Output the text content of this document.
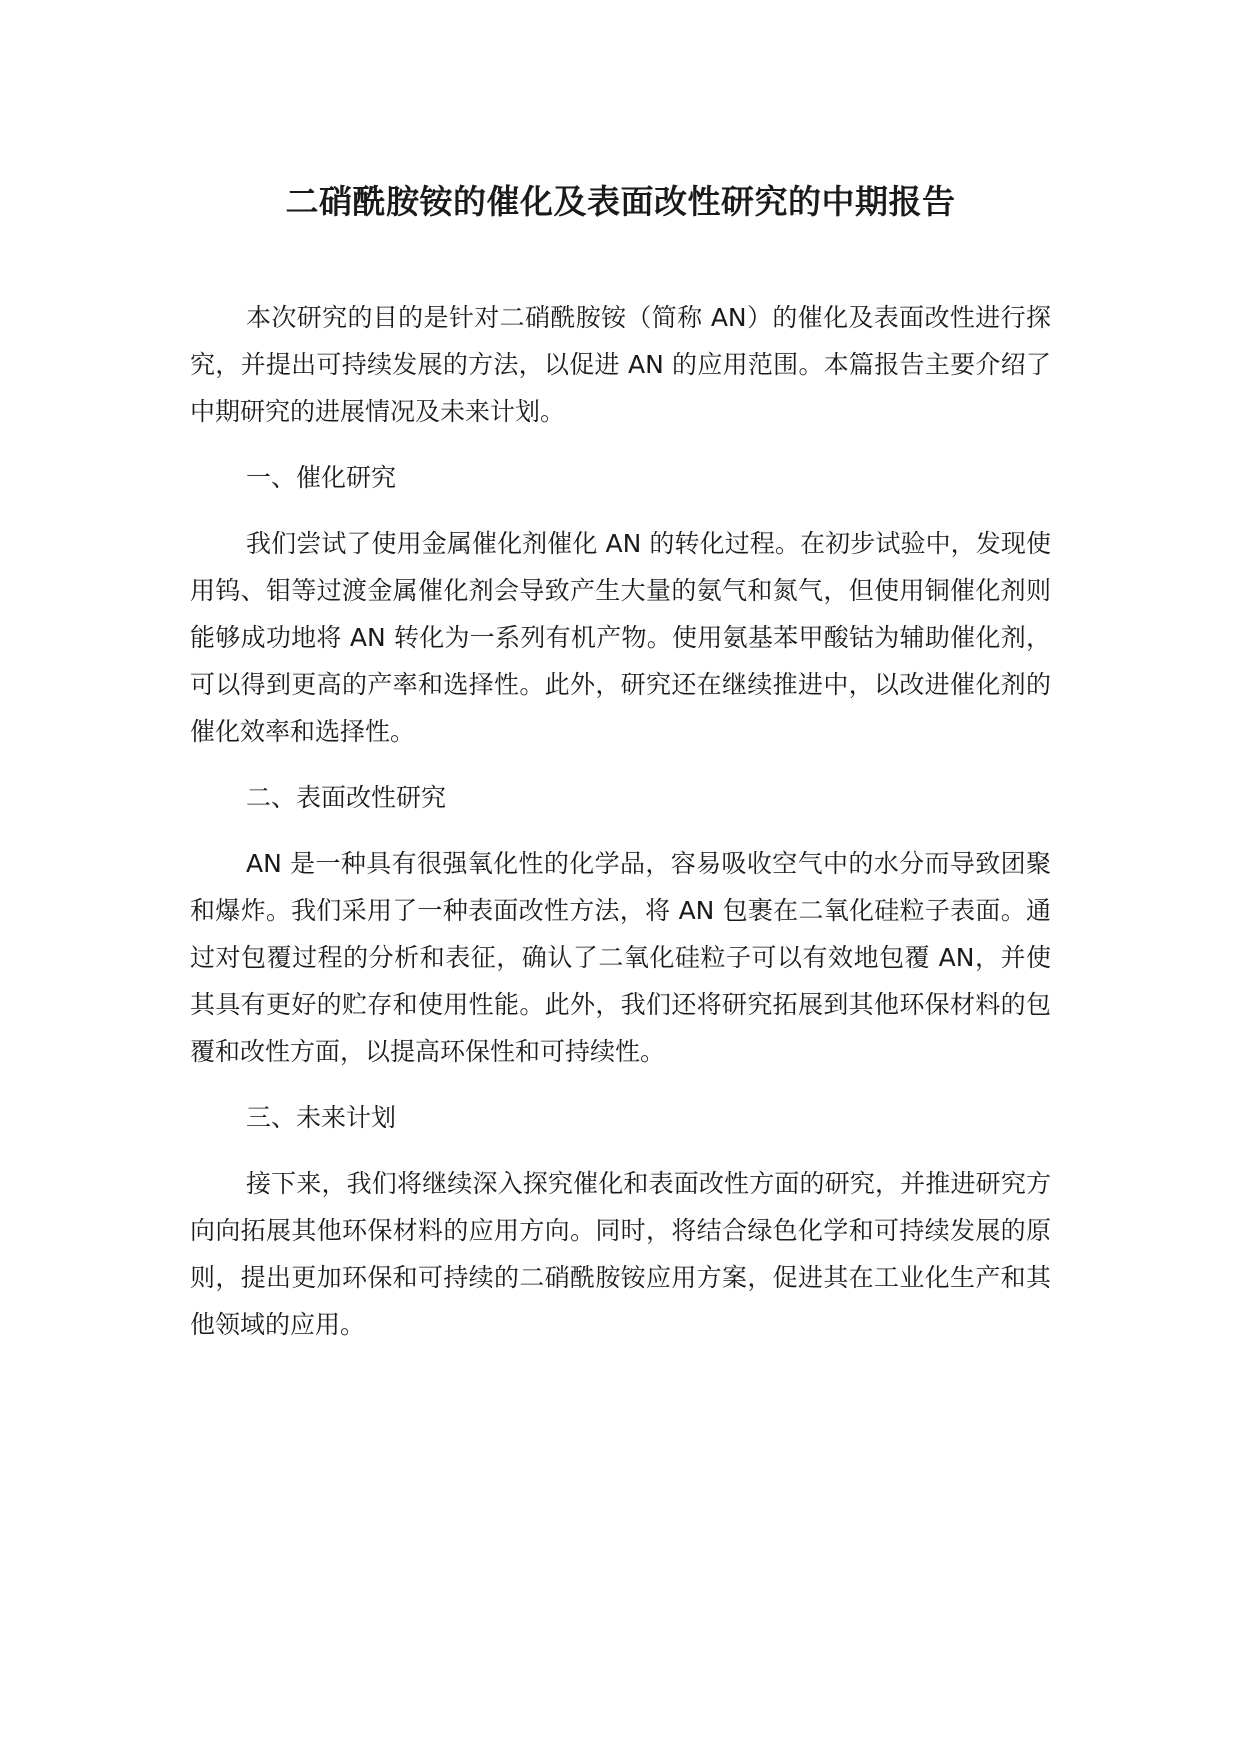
二硝酰胺铵的催化及表面改性研究的中期报告

本次研究的目的是针对二硝酰胺铵（简称 AN）的催化及表面改性进行探究，并提出可持续发展的方法，以促进 AN 的应用范围。本篇报告主要介绍了中期研究的进展情况及未来计划。

一、催化研究

我们尝试了使用金属催化剂催化 AN 的转化过程。在初步试验中，发现使用钨、钼等过渡金属催化剂会导致产生大量的氨气和氮气，但使用铜催化剂则能够成功地将 AN 转化为一系列有机产物。使用氨基苯甲酸钴为辅助催化剂，可以得到更高的产率和选择性。此外，研究还在继续推进中，以改进催化剂的催化效率和选择性。

二、表面改性研究

AN 是一种具有很强氧化性的化学品，容易吸收空气中的水分而导致团聚和爆炸。我们采用了一种表面改性方法，将 AN 包裹在二氧化硅粒子表面。通过对包覆过程的分析和表征，确认了二氧化硅粒子可以有效地包覆 AN，并使其具有更好的贮存和使用性能。此外，我们还将研究拓展到其他环保材料的包覆和改性方面，以提高环保性和可持续性。

三、未来计划

接下来，我们将继续深入探究催化和表面改性方面的研究，并推进研究方向向拓展其他环保材料的应用方向。同时，将结合绿色化学和可持续发展的原则，提出更加环保和可持续的二硝酰胺铵应用方案，促进其在工业化生产和其他领域的应用。
